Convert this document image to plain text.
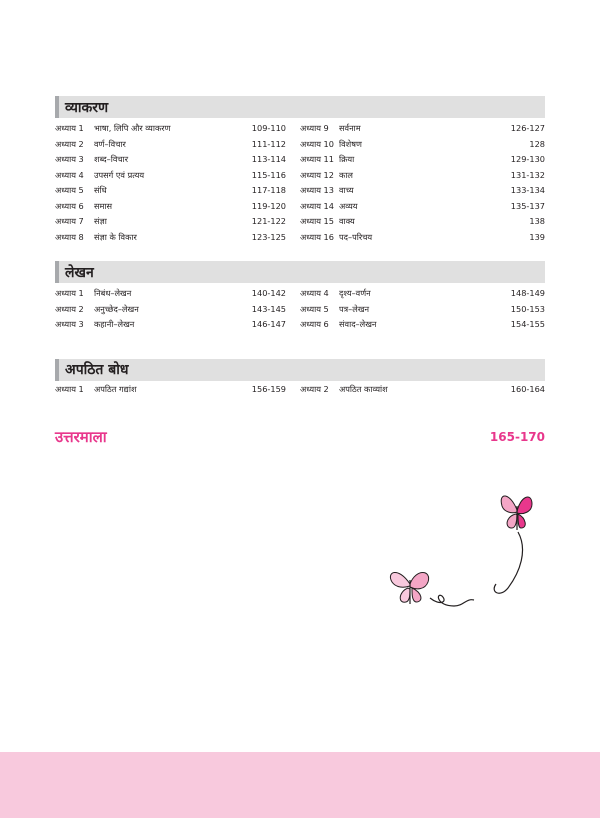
व्याकरण
अध्याय 1	भाषा, लिपि और व्याकरण	109-110 अध्याय 9	सर्वनाम	126-127
अध्याय 2	वर्ण–विचार	111-112 अध्याय 10 विशेषण	128
अध्याय 3	शब्द–विचार	113-114 अध्याय 11 क्रिया	129-130
अध्याय 4	उपसर्ग एवं प्रत्यय	115-116 अध्याय 12 काल	131-132
अध्याय 5	संधि	117-118 अध्याय 13 वाच्य	133-134
अध्याय 6	समास	119-120 अध्याय 14 अव्यय	135-137
अध्याय 7	संज्ञा	121-122 अध्याय 15 वाक्य	138
अध्याय 8	संज्ञा के विकार	123-125 अध्याय 16 पद–परिचय	139
लेखन
अध्याय 1	निबंध–लेखन	140-142 अध्याय 4	दृश्य–वर्णन	148-149
अध्याय 2	अनुच्छेद–लेखन	143-145 अध्याय 5	पत्र–लेखन	150-153
अध्याय 3	कहानी–लेखन	146-147 अध्याय 6	संवाद–लेखन	154-155
अपठित बोध
अध्याय 1	अपठित गद्यांश	156-159 अध्याय 2	अपठित काव्यांश	160-164
उत्तरमाला	165-170
